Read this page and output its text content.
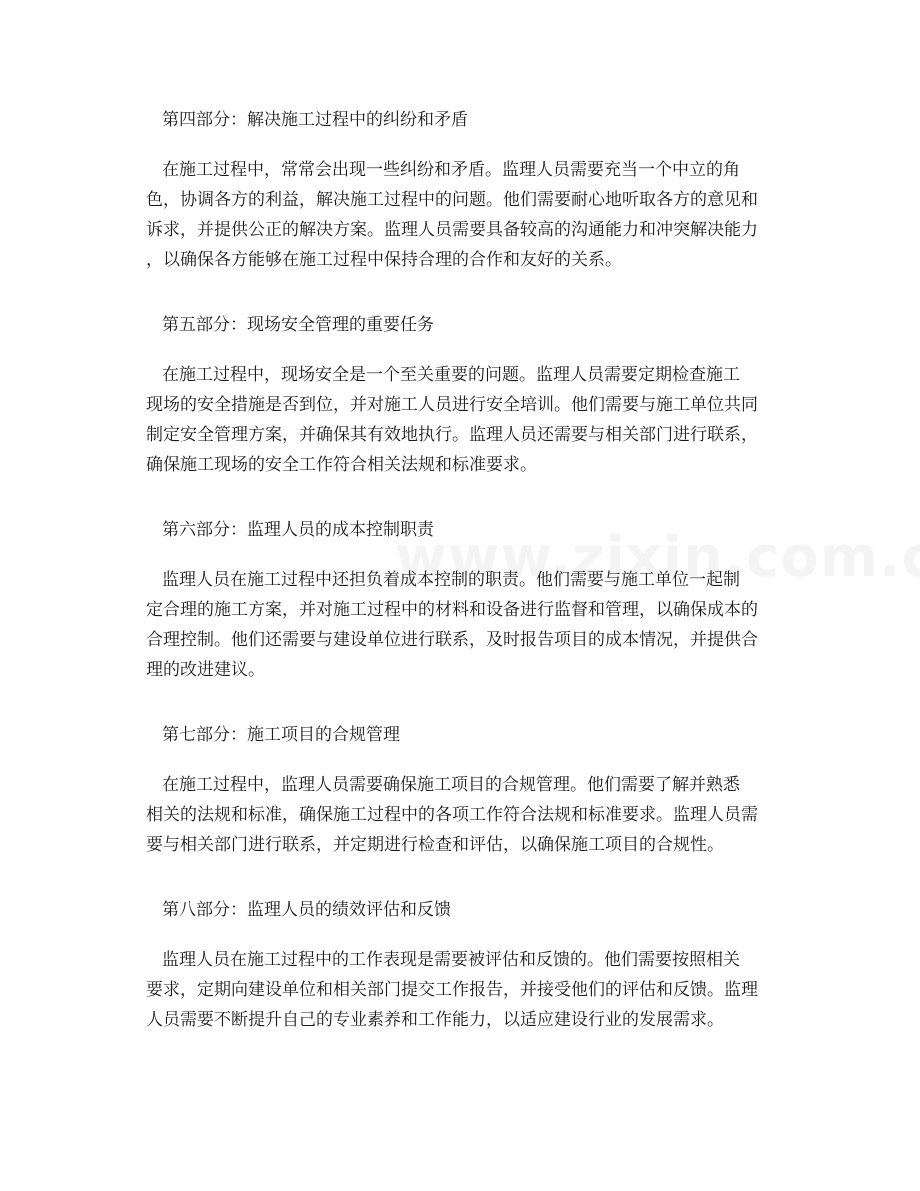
第四部分：解决施工过程中的纠纷和矛盾
在施工过程中，常常会出现一些纠纷和矛盾。监理人员需要充当一个中立的角
色，协调各方的利益，解决施工过程中的问题。他们需要耐心地听取各方的意见和
诉求，并提供公正的解决方案。监理人员需要具备较高的沟通能力和冲突解决能力
，以确保各方能够在施工过程中保持合理的合作和友好的关系。
第五部分：现场安全管理的重要任务
在施工过程中，现场安全是一个至关重要的问题。监理人员需要定期检查施工
现场的安全措施是否到位，并对施工人员进行安全培训。他们需要与施工单位共同
制定安全管理方案，并确保其有效地执行。监理人员还需要与相关部门进行联系，
确保施工现场的安全工作符合相关法规和标准要求。
第六部分：监理人员的成本控制职责
监理人员在施工过程中还担负着成本控制的职责。他们需要与施工单位一起制
定合理的施工方案，并对施工过程中的材料和设备进行监督和管理，以确保成本的
合理控制。他们还需要与建设单位进行联系，及时报告项目的成本情况，并提供合
理的改进建议。
第七部分：施工项目的合规管理
在施工过程中，监理人员需要确保施工项目的合规管理。他们需要了解并熟悉
相关的法规和标准，确保施工过程中的各项工作符合法规和标准要求。监理人员需
要与相关部门进行联系，并定期进行检查和评估，以确保施工项目的合规性。
第八部分：监理人员的绩效评估和反馈
监理人员在施工过程中的工作表现是需要被评估和反馈的。他们需要按照相关
要求，定期向建设单位和相关部门提交工作报告，并接受他们的评估和反馈。监理
人员需要不断提升自己的专业素养和工作能力，以适应建设行业的发展需求。
